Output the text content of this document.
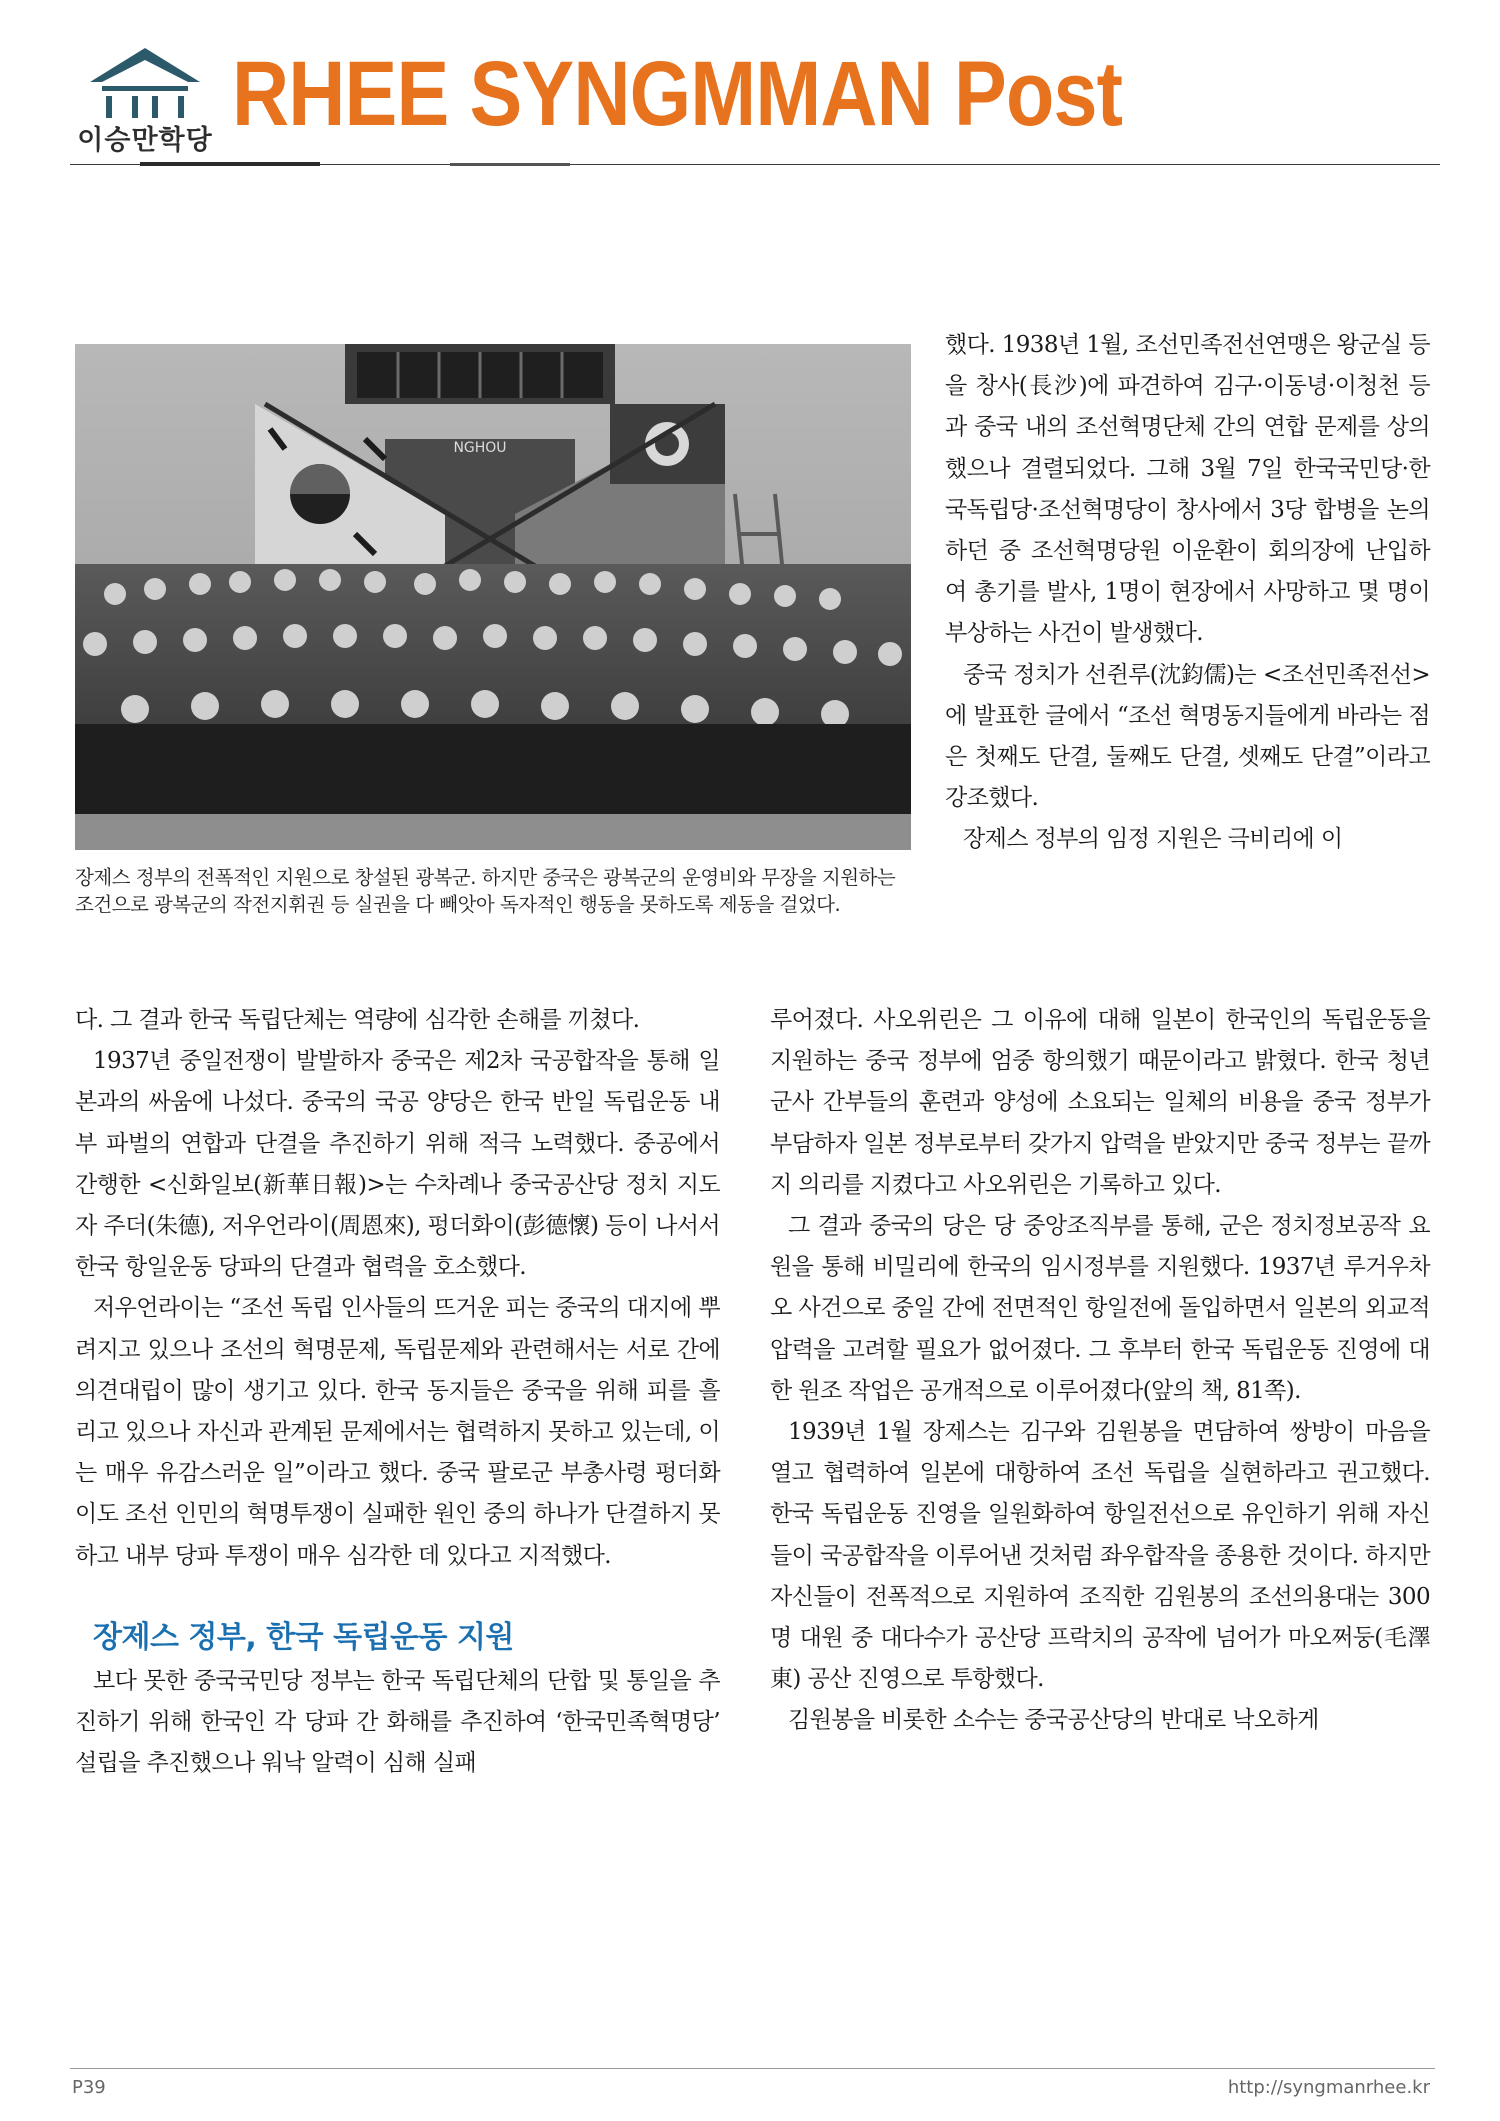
이승만학당 RHEE SYNGMMAN Post
NGHOU
장제스 정부의 전폭적인 지원으로 창설된 광복군. 하지만 중국은 광복군의 운영비와 무장을 지원하는 조건으로 광복군의 작전지휘권 등 실권을 다 빼앗아 독자적인 행동을 못하도록 제동을 걸었다.

했다. 1938년 1월, 조선민족전선연맹은 왕군실 등을 창사(長沙)에 파견하여 김구·이동녕·이청천 등과 중국 내의 조선혁명단체 간의 연합 문제를 상의했으나 결렬되었다. 그해 3월 7일 한국국민당·한국독립당·조선혁명당이 창사에서 3당 합병을 논의하던 중 조선혁명당원 이운환이 회의장에 난입하여 총기를 발사, 1명이 현장에서 사망하고 몇 명이 부상하는 사건이 발생했다.

중국 정치가 선쥔루(沈鈞儒)는 <조선민족전선>에 발표한 글에서 “조선 혁명동지들에게 바라는 점은 첫째도 단결, 둘째도 단결, 셋째도 단결”이라고 강조했다.

장제스 정부의 임정 지원은 극비리에 이

다. 그 결과 한국 독립단체는 역량에 심각한 손해를 끼쳤다.

1937년 중일전쟁이 발발하자 중국은 제2차 국공합작을 통해 일본과의 싸움에 나섰다. 중국의 국공 양당은 한국 반일 독립운동 내부 파벌의 연합과 단결을 추진하기 위해 적극 노력했다. 중공에서 간행한 <신화일보(新華日報)>는 수차례나 중국공산당 정치 지도자 주더(朱德), 저우언라이(周恩來), 펑더화이(彭德懷) 등이 나서서 한국 항일운동 당파의 단결과 협력을 호소했다.

저우언라이는 “조선 독립 인사들의 뜨거운 피는 중국의 대지에 뿌려지고 있으나 조선의 혁명문제, 독립문제와 관련해서는 서로 간에 의견대립이 많이 생기고 있다. 한국 동지들은 중국을 위해 피를 흘리고 있으나 자신과 관계된 문제에서는 협력하지 못하고 있는데, 이는 매우 유감스러운 일”이라고 했다. 중국 팔로군 부총사령 펑더화이도 조선 인민의 혁명투쟁이 실패한 원인 중의 하나가 단결하지 못하고 내부 당파 투쟁이 매우 심각한 데 있다고 지적했다.

장제스 정부, 한국 독립운동 지원

보다 못한 중국국민당 정부는 한국 독립단체의 단합 및 통일을 추진하기 위해 한국인 각 당파 간 화해를 추진하여 ‘한국민족혁명당’ 설립을 추진했으나 워낙 알력이 심해 실패

루어졌다. 사오위린은 그 이유에 대해 일본이 한국인의 독립운동을 지원하는 중국 정부에 엄중 항의했기 때문이라고 밝혔다. 한국 청년 군사 간부들의 훈련과 양성에 소요되는 일체의 비용을 중국 정부가 부담하자 일본 정부로부터 갖가지 압력을 받았지만 중국 정부는 끝까지 의리를 지켰다고 사오위린은 기록하고 있다.

그 결과 중국의 당은 당 중앙조직부를 통해, 군은 정치정보공작 요원을 통해 비밀리에 한국의 임시정부를 지원했다. 1937년 루거우차오 사건으로 중일 간에 전면적인 항일전에 돌입하면서 일본의 외교적 압력을 고려할 필요가 없어졌다. 그 후부터 한국 독립운동 진영에 대한 원조 작업은 공개적으로 이루어졌다(앞의 책, 81쪽).

1939년 1월 장제스는 김구와 김원봉을 면담하여 쌍방이 마음을 열고 협력하여 일본에 대항하여 조선 독립을 실현하라고 권고했다. 한국 독립운동 진영을 일원화하여 항일전선으로 유인하기 위해 자신들이 국공합작을 이루어낸 것처럼 좌우합작을 종용한 것이다. 하지만 자신들이 전폭적으로 지원하여 조직한 김원봉의 조선의용대는 300명 대원 중 대다수가 공산당 프락치의 공작에 넘어가 마오쩌둥(毛澤東) 공산 진영으로 투항했다.

김원봉을 비롯한 소수는 중국공산당의 반대로 낙오하게

P39	http://syngmanrhee.kr
